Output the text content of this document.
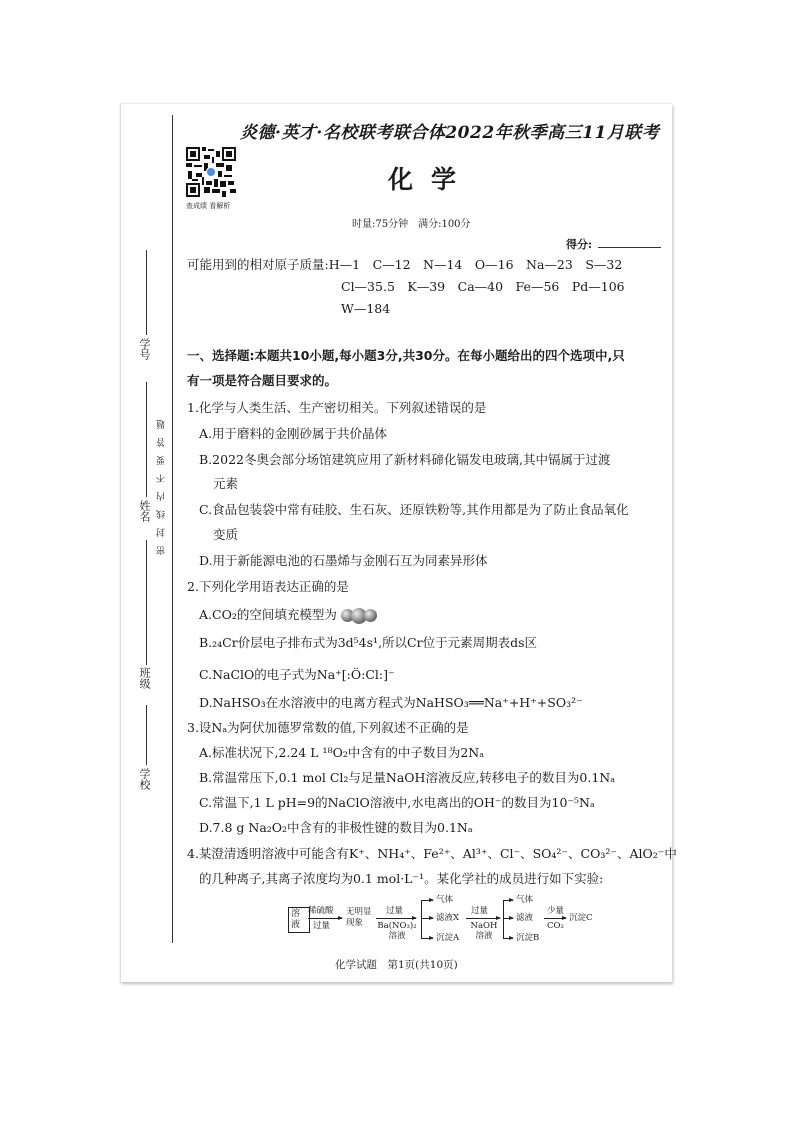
学号
姓名
班级
学校
密　封　线　内　不　要　答　题
查成绩 看解析
炎德·英才·名校联考联合体2022年秋季高三11月联考
化学
时量:75分钟　满分:100分
得分:
可能用到的相对原子质量:H—1　C—12　N—14　O—16　Na—23　S—32
Cl—35.5　K—39　Ca—40　Fe—56　Pd—106
W—184
一、选择题:本题共10小题,每小题3分,共30分。在每小题给出的四个选项中,只
有一项是符合题目要求的。
1.化学与人类生活、生产密切相关。下列叙述错误的是
A.用于磨料的金刚砂属于共价晶体
B.2022冬奥会部分场馆建筑应用了新材料碲化镉发电玻璃,其中镉属于过渡
元素
C.食品包装袋中常有硅胶、生石灰、还原铁粉等,其作用都是为了防止食品氧化
变质
D.用于新能源电池的石墨烯与金刚石互为同素异形体
2.下列化学用语表达正确的是
A.CO₂的空间填充模型为
B.₂₄Cr价层电子排布式为3d⁵4s¹,所以Cr位于元素周期表ds区
C.NaClO的电子式为Na⁺[:Ö:Cl:]⁻
D.NaHSO₃在水溶液中的电离方程式为NaHSO₃══Na⁺+H⁺+SO₃²⁻
3.设Nₐ为阿伏加德罗常数的值,下列叙述不正确的是
A.标准状况下,2.24 L ¹⁸O₂中含有的中子数目为2Nₐ
B.常温常压下,0.1 mol Cl₂与足量NaOH溶液反应,转移电子的数目为0.1Nₐ
C.常温下,1 L pH=9的NaClO溶液中,水电离出的OH⁻的数目为10⁻⁵Nₐ
D.7.8 g Na₂O₂中含有的非极性键的数目为0.1Nₐ
4.某澄清透明溶液中可能含有K⁺、NH₄⁺、Fe²⁺、Al³⁺、Cl⁻、SO₄²⁻、CO₃²⁻、AlO₂⁻中
的几种离子,其离子浓度均为0.1 mol·L⁻¹。某化学社的成员进行如下实验:
溶液
稀硫酸
过量
无明显现象
过量
Ba(NO₃)₂溶液
气体
滤液X
沉淀A
过量
NaOH溶液
气体
滤液
沉淀B
少量
CO₂
沉淀C
化学试题　第1页(共10页)
